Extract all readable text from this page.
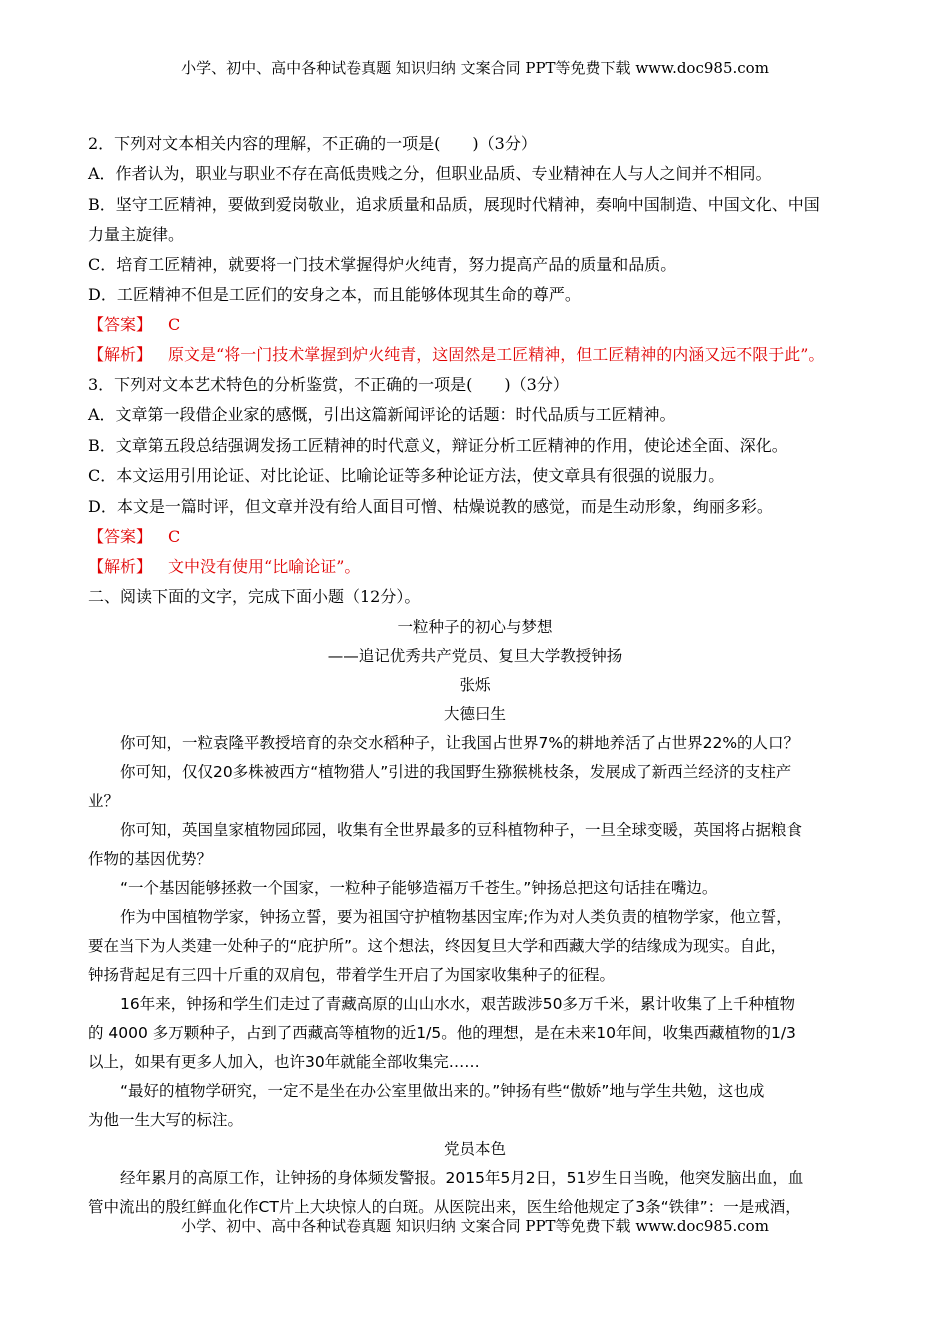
小学、初中、高中各种试卷真题 知识归纳 文案合同 PPT等免费下载 www.doc985.com
2．下列对文本相关内容的理解，不正确的一项是(　　)（3分）
A．作者认为，职业与职业不存在高低贵贱之分，但职业品质、专业精神在人与人之间并不相同。
B．坚守工匠精神，要做到爱岗敬业，追求质量和品质，展现时代精神，奏响中国制造、中国文化、中国
力量主旋律。
C．培育工匠精神，就要将一门技术掌握得炉火纯青，努力提高产品的质量和品质。
D．工匠精神不但是工匠们的安身之本，而且能够体现其生命的尊严。
【答案】 C
【解析】 原文是“将一门技术掌握到炉火纯青，这固然是工匠精神，但工匠精神的内涵又远不限于此”。
3．下列对文本艺术特色的分析鉴赏，不正确的一项是(　　)（3分）
A．文章第一段借企业家的感慨，引出这篇新闻评论的话题：时代品质与工匠精神。
B．文章第五段总结强调发扬工匠精神的时代意义，辩证分析工匠精神的作用，使论述全面、深化。
C．本文运用引用论证、对比论证、比喻论证等多种论证方法，使文章具有很强的说服力。
D．本文是一篇时评，但文章并没有给人面目可憎、枯燥说教的感觉，而是生动形象，绚丽多彩。
【答案】 C
【解析】 文中没有使用“比喻论证”。
二、阅读下面的文字，完成下面小题（12分）。
一粒种子的初心与梦想
——追记优秀共产党员、复旦大学教授钟扬
张烁
大德曰生
你可知，一粒袁隆平教授培育的杂交水稻种子，让我国占世界7%的耕地养活了占世界22%的人口？
你可知，仅仅20多株被西方“植物猎人”引进的我国野生猕猴桃枝条，发展成了新西兰经济的支柱产
业？
你可知，英国皇家植物园邱园，收集有全世界最多的豆科植物种子，一旦全球变暖，英国将占据粮食
作物的基因优势？
“一个基因能够拯救一个国家，一粒种子能够造福万千苍生。”钟扬总把这句话挂在嘴边。
作为中国植物学家，钟扬立誓，要为祖国守护植物基因宝库;作为对人类负责的植物学家，他立誓，
要在当下为人类建一处种子的“庇护所”。这个想法，终因复旦大学和西藏大学的结缘成为现实。自此，
钟扬背起足有三四十斤重的双肩包，带着学生开启了为国家收集种子的征程。
16年来，钟扬和学生们走过了青藏高原的山山水水，艰苦跋涉50多万千米，累计收集了上千种植物
的 4000 多万颗种子，占到了西藏高等植物的近1/5。他的理想，是在未来10年间，收集西藏植物的1/3
以上，如果有更多人加入，也许30年就能全部收集完……
“最好的植物学研究，一定不是坐在办公室里做出来的。”钟扬有些“傲娇”地与学生共勉，这也成
为他一生大写的标注。
党员本色
经年累月的高原工作，让钟扬的身体频发警报。2015年5月2日，51岁生日当晚，他突发脑出血，血
管中流出的殷红鲜血化作CT片上大块惊人的白斑。从医院出来，医生给他规定了3条“铁律”：一是戒酒，
小学、初中、高中各种试卷真题 知识归纳 文案合同 PPT等免费下载 www.doc985.com
